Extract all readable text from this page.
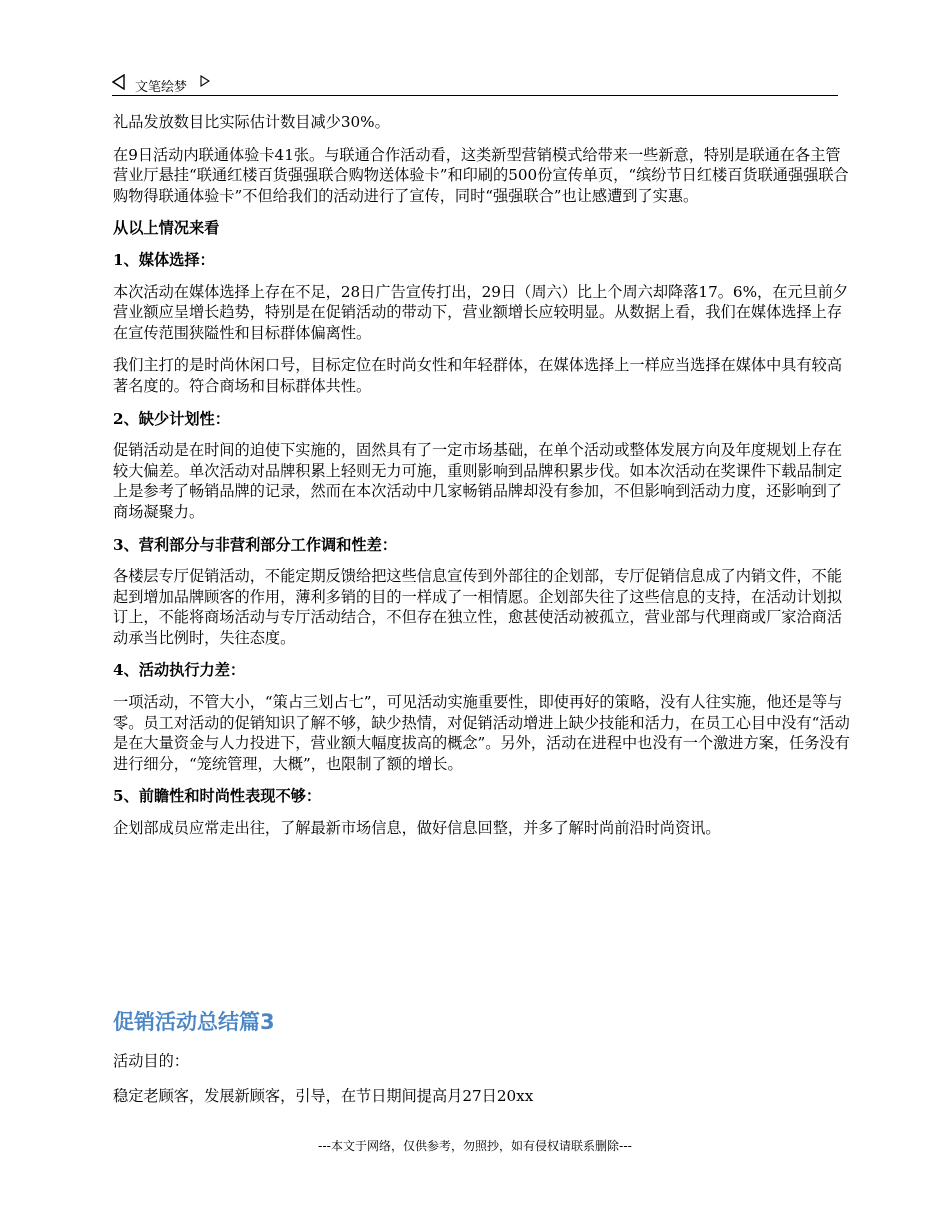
文笔绘梦

礼品发放数目比实际估计数目减少30%。

在9日活动内联通体验卡41张。与联通合作活动看，这类新型营销模式给带来一些新意，特别是联通在各主管营业厅悬挂“联通红楼百货强强联合购物送体验卡”和印刷的500份宣传单页，“缤纷节日红楼百货联通强强联合购物得联通体验卡”不但给我们的活动进行了宣传，同时“强强联合”也让感遭到了实惠。

从以上情况来看

1、媒体选择：

本次活动在媒体选择上存在不足，28日广告宣传打出，29日（周六）比上个周六却降落17。6%，在元旦前夕营业额应呈增长趋势，特别是在促销活动的带动下，营业额增长应较明显。从数据上看，我们在媒体选择上存在宣传范围狭隘性和目标群体偏离性。

我们主打的是时尚休闲口号，目标定位在时尚女性和年轻群体，在媒体选择上一样应当选择在媒体中具有较高著名度的。符合商场和目标群体共性。

2、缺少计划性：

促销活动是在时间的迫使下实施的，固然具有了一定市场基础，在单个活动或整体发展方向及年度规划上存在较大偏差。单次活动对品牌积累上轻则无力可施，重则影响到品牌积累步伐。如本次活动在奖课件下载品制定上是参考了畅销品牌的记录，然而在本次活动中几家畅销品牌却没有参加，不但影响到活动力度，还影响到了商场凝聚力。

3、营利部分与非营利部分工作调和性差：

各楼层专厅促销活动，不能定期反馈给把这些信息宣传到外部往的企划部，专厅促销信息成了内销文件，不能起到增加品牌顾客的作用，薄利多销的目的一样成了一相情愿。企划部失往了这些信息的支持，在活动计划拟订上，不能将商场活动与专厅活动结合，不但存在独立性，愈甚使活动被孤立，营业部与代理商或厂家洽商活动承当比例时，失往态度。

4、活动执行力差：

一项活动，不管大小，“策占三划占七”，可见活动实施重要性，即使再好的策略，没有人往实施，他还是等与零。员工对活动的促销知识了解不够，缺少热情，对促销活动增进上缺少技能和活力，在员工心目中没有“活动是在大量资金与人力投进下，营业额大幅度拔高的概念”。另外，活动在进程中也没有一个激进方案，任务没有进行细分，“笼统管理，大概”，也限制了额的增长。

5、前瞻性和时尚性表现不够：

企划部成员应常走出往，了解最新市场信息，做好信息回整，并多了解时尚前沿时尚资讯。

促销活动总结篇3

活动目的：

稳定老顾客，发展新顾客，引导，在节日期间提高月27日20xx

---本文于网络，仅供参考，勿照抄，如有侵权请联系删除---
